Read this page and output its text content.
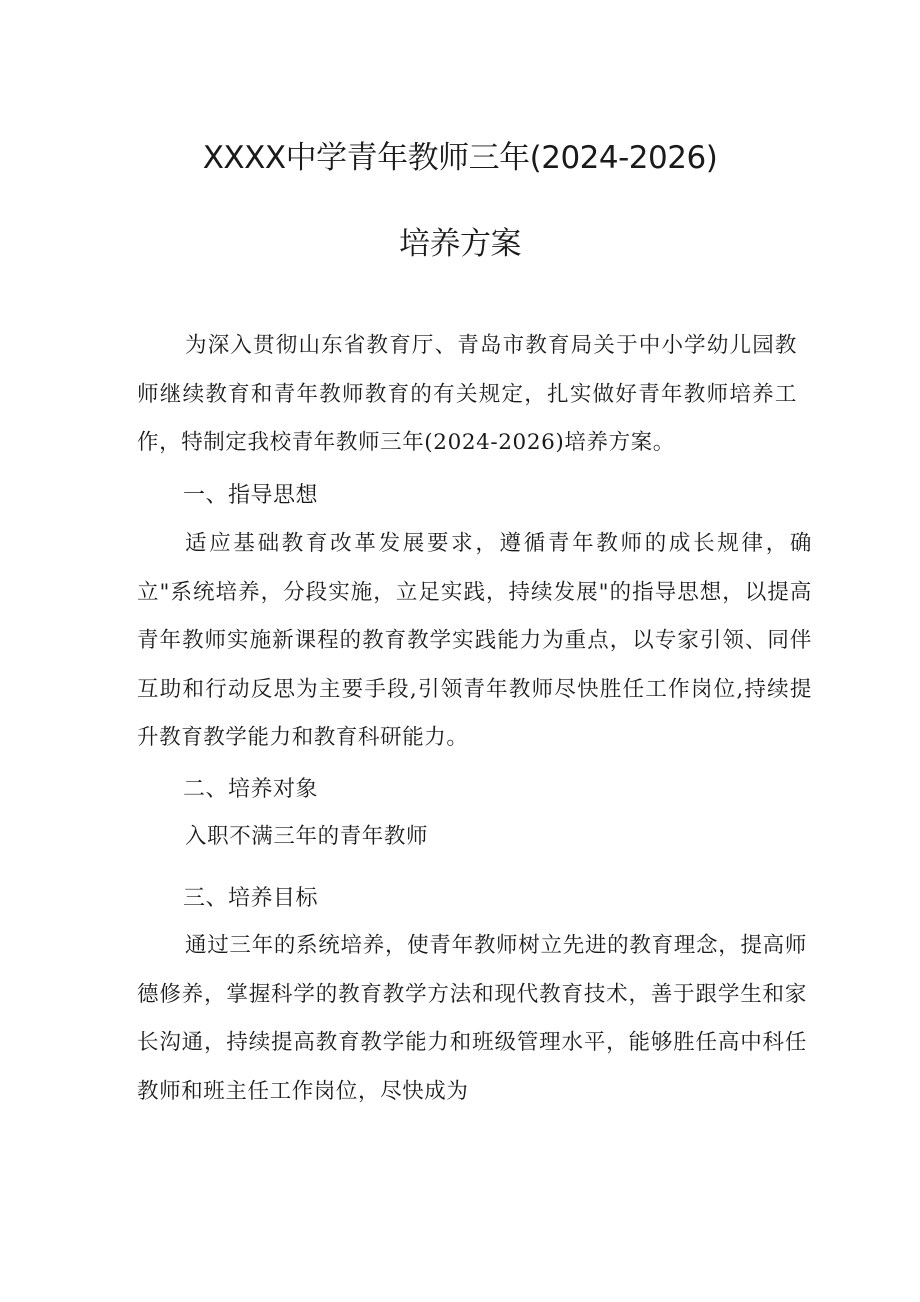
XXXX中学青年教师三年(2024-2026)
培养方案

为深入贯彻山东省教育厅、青岛市教育局关于中小学幼儿园教师继续教育和青年教师教育的有关规定，扎实做好青年教师培养工作，特制定我校青年教师三年(2024-2026)培养方案。

一、指导思想

适应基础教育改革发展要求，遵循青年教师的成长规律，确立"系统培养，分段实施，立足实践，持续发展"的指导思想，以提高青年教师实施新课程的教育教学实践能力为重点，以专家引领、同伴互助和行动反思为主要手段,引领青年教师尽快胜任工作岗位,持续提升教育教学能力和教育科研能力。

二、培养对象

入职不满三年的青年教师

三、培养目标

通过三年的系统培养，使青年教师树立先进的教育理念，提高师德修养，掌握科学的教育教学方法和现代教育技术，善于跟学生和家长沟通，持续提高教育教学能力和班级管理水平，能够胜任高中科任教师和班主任工作岗位，尽快成为
